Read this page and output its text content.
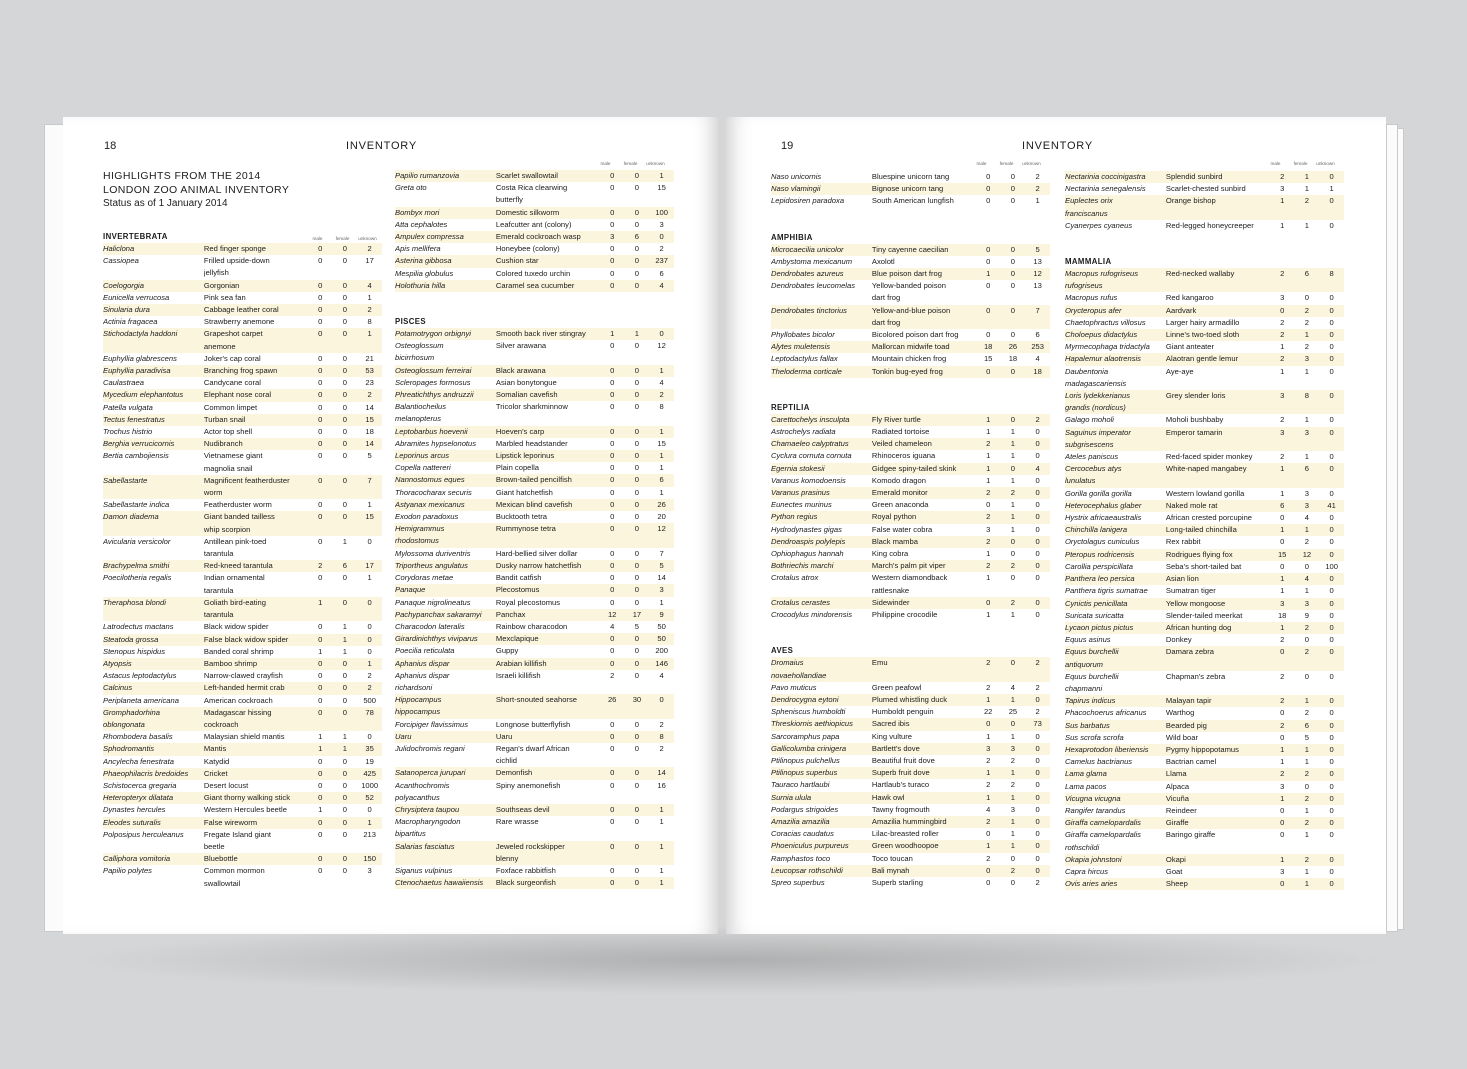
18	INVENTORY
HIGHLIGHTS FROM THE 2014
LONDON ZOO ANIMAL INVENTORY
Status as of 1 January 2014
male	female	unknown
INVERTEBRATA
Haliclona	Red finger sponge	0	0	2
Cassiopea	Frilled upside-down	0	0	17
jellyfish
Coelogorgia	Gorgonian	0	0	4
Eunicella verrucosa	Pink sea fan	0	0	1
Sinularia dura	Cabbage leather coral	0	0	2
Actinia fragacea	Strawberry anemone	0	0	8
Stichodactyla haddoni	Grapeshot carpet	0	0	1
anemone
Euphyllia glabrescens	Joker's cap coral	0	0	21
Euphyllia paradivisa	Branching frog spawn	0	0	53
Caulastraea	Candycane coral	0	0	23
Mycedium elephantotus	Elephant nose coral	0	0	2
Patella vulgata	Common limpet	0	0	14
Tectus fenestratus	Turban snail	0	0	15
Trochus histrio	Actor top shell	0	0	18
Berghia verrucicornis	Nudibranch	0	0	14
Bertia cambojiensis	Vietnamese giant	0	0	5
magnolia snail
Sabellastarte	Magnificent featherduster	0	0	7
worm
Sabellastarte indica	Featherduster worm	0	0	1
Damon diadema	Giant banded tailless	0	0	15
whip scorpion
Avicularia versicolor	Antillean pink-toed	0	1	0
tarantula
Brachypelma smithi	Red-kneed tarantula	2	6	17
Poecilotheria regalis	Indian ornamental	0	0	1
tarantula
Theraphosa blondi	Goliath bird-eating	1	0	0
tarantula
Latrodectus mactans	Black widow spider	0	1	0
Steatoda grossa	False black widow spider	0	1	0
Stenopus hispidus	Banded coral shrimp	1	1	0
Atyopsis	Bamboo shrimp	0	0	1
Astacus leptodactylus	Narrow-clawed crayfish	0	0	2
Calcinus	Left-handed hermit crab	0	0	2
Periplaneta americana	American cockroach	0	0	500
Gromphadorhina	Madagascar hissing	0	0	78
oblongonata	cockroach
Rhombodera basalis	Malaysian shield mantis	1	1	0
Sphodromantis	Mantis	1	1	35
Ancylecha fenestrata	Katydid	0	0	19
Phaeophilacris bredoides	Cricket	0	0	425
Schistocerca gregaria	Desert locust	0	0	1000
Heteropteryx dilatata	Giant thorny walking stick	0	0	52
Dynastes hercules	Western Hercules beetle	1	0	0
Eleodes suturalis	False wireworm	0	0	1
Polposipus herculeanus	Fregate Island giant	0	0	213
beetle
Calliphora vomitoria	Bluebottle	0	0	150
Papilio polytes	Common mormon	0	0	3
swallowtail
male	female	unknown
Papilio rumanzovia	Scarlet swallowtail	0	0	1
Greta oto	Costa Rica clearwing	0	0	15
butterfly
Bombyx mori	Domestic silkworm	0	0	100
Atta cephalotes	Leafcutter ant (colony)	0	0	3
Ampulex compressa	Emerald cockroach wasp	3	6	0
Apis mellifera	Honeybee (colony)	0	0	2
Asterina gibbosa	Cushion star	0	0	237
Mespilia globulus	Colored tuxedo urchin	0	0	6
Holothuria hilla	Caramel sea cucumber	0	0	4
PISCES
Potamotrygon orbignyi	Smooth back river stingray	1	1	0
Osteoglossum	Silver arawana	0	0	12
bicirrhosum
Osteoglossum ferreirai	Black arawana	0	0	1
Scleropages formosus	Asian bonytongue	0	0	4
Phreatichthys andruzzii	Somalian cavefish	0	0	2
Balantiocheilus	Tricolor sharkminnow	0	0	8
melanopterus
Leptobarbus hoevenii	Hoeven's carp	0	0	1
Abramites hypselonotus	Marbled headstander	0	0	15
Leporinus arcus	Lipstick leporinus	0	0	1
Copella nattereri	Plain copella	0	0	1
Nannostomus eques	Brown-tailed pencilfish	0	0	6
Thoracocharax securis	Giant hatchetfish	0	0	1
Astyanax mexicanus	Mexican blind cavefish	0	0	26
Exodon paradoxus	Bucktooth tetra	0	0	20
Hemigrammus	Rummynose tetra	0	0	12
rhodostomus
Mylossoma duriventris	Hard-bellied silver dollar	0	0	7
Triportheus angulatus	Dusky narrow hatchetfish	0	0	5
Corydoras metae	Bandit catfish	0	0	14
Panaque	Plecostomus	0	0	3
Panaque nigrolineatus	Royal plecostomus	0	0	1
Pachypanchax sakaramyi	Panchax	12	17	9
Characodon lateralis	Rainbow characodon	4	5	50
Girardinichthys viviparus	Mexclapique	0	0	50
Poecilia reticulata	Guppy	0	0	200
Aphanius dispar	Arabian killifish	0	0	146
Aphanius dispar	Israeli killifish	2	0	4
richardsoni
Hippocampus	Short-snouted seahorse	26	30	0
hippocampus
Forcipiger flavissimus	Longnose butterflyfish	0	0	2
Uaru	Uaru	0	0	8
Julidochromis regani	Regan's dwarf African	0	0	2
cichlid
Satanoperca jurupari	Demonfish	0	0	14
Acanthochromis	Spiny anemonefish	0	0	16
polyacanthus
Chrysiptera taupou	Southseas devil	0	0	1
Macropharyngodon	Rare wrasse	0	0	1
bipartitus
Salarias fasciatus	Jeweled rockskipper	0	0	1
blenny
Siganus vulpinus	Foxface rabbitfish	0	0	1
Ctenochaetus hawaiiensis	Black surgeonfish	0	0	1
19	INVENTORY
male	female	unknown
Naso unicornis	Bluespine unicorn tang	0	0	2
Naso vlamingii	Bignose unicorn tang	0	0	2
Lepidosiren paradoxa	South American lungfish	0	0	1
AMPHIBIA
Microcaecilia unicolor	Tiny cayenne caecilian	0	0	5
Ambystoma mexicanum	Axolotl	0	0	13
Dendrobates azureus	Blue poison dart frog	1	0	12
Dendrobates leucomelas	Yellow-banded poison	0	0	13
dart frog
Dendrobates tinctorius	Yellow-and-blue poison	0	0	7
dart frog
Phyllobates bicolor	Bicolored poison dart frog	0	0	6
Alytes muletensis	Mallorcan midwife toad	18	26	253
Leptodactylus fallax	Mountain chicken frog	15	18	4
Theloderma corticale	Tonkin bug-eyed frog	0	0	18
REPTILIA
Carettochelys insculpta	Fly River turtle	1	0	2
Astrochelys radiata	Radiated tortoise	1	1	0
Chamaeleo calyptratus	Veiled chameleon	2	1	0
Cyclura cornuta cornuta	Rhinoceros iguana	1	1	0
Egernia stokesii	Gidgee spiny-tailed skink	1	0	4
Varanus komodoensis	Komodo dragon	1	1	0
Varanus prasinus	Emerald monitor	2	2	0
Eunectes murinus	Green anaconda	0	1	0
Python regius	Royal python	2	1	0
Hydrodynastes gigas	False water cobra	3	1	0
Dendroaspis polylepis	Black mamba	2	0	0
Ophiophagus hannah	King cobra	1	0	0
Bothriechis marchi	March's palm pit viper	2	2	0
Crotalus atrox	Western diamondback	1	0	0
rattlesnake
Crotalus cerastes	Sidewinder	0	2	0
Crocodylus mindorensis	Philippine crocodile	1	1	0
AVES
Dromaius	Emu	2	0	2
novaehollandiae
Pavo muticus	Green peafowl	2	4	2
Dendrocygna eytoni	Plumed whistling duck	1	1	0
Spheniscus humboldti	Humboldt penguin	22	25	2
Threskiornis aethiopicus	Sacred ibis	0	0	73
Sarcoramphus papa	King vulture	1	1	0
Gallicolumba crinigera	Bartlett's dove	3	3	0
Ptilinopus pulchellus	Beautiful fruit dove	2	2	0
Ptilinopus superbus	Superb fruit dove	1	1	0
Tauraco hartlaubi	Hartlaub's turaco	2	2	0
Surnia ulula	Hawk owl	1	1	0
Podargus strigoides	Tawny frogmouth	4	3	0
Amazilia amazilia	Amazilia hummingbird	2	1	0
Coracias caudatus	Lilac-breasted roller	0	1	0
Phoeniculus purpureus	Green woodhoopoe	1	1	0
Ramphastos toco	Toco toucan	2	0	0
Leucopsar rothschildi	Bali mynah	0	2	0
Spreo superbus	Superb starling	0	0	2
male	female	unknown
Nectarinia coccinigastra	Splendid sunbird	2	1	0
Nectarinia senegalensis	Scarlet-chested sunbird	3	1	1
Euplectes orix	Orange bishop	1	2	0
franciscanus
Cyanerpes cyaneus	Red-legged honeycreeper	1	1	0
MAMMALIA
Macropus rufogriseus	Red-necked wallaby	2	6	8
rufogriseus
Macropus rufus	Red kangaroo	3	0	0
Orycteropus afer	Aardvark	0	2	0
Chaetophractus villosus	Larger hairy armadillo	2	2	0
Choloepus didactylus	Linne's two-toed sloth	2	1	0
Myrmecophaga tridactyla	Giant anteater	1	2	0
Hapalemur alaotrensis	Alaotran gentle lemur	2	3	0
Daubentonia	Aye-aye	1	1	0
madagascariensis
Loris lydekkerianus	Grey slender loris	3	8	0
grandis (nordicus)
Galago moholi	Moholi bushbaby	2	1	0
Saguinus imperator	Emperor tamarin	3	3	0
subgrisescens
Ateles paniscus	Red-faced spider monkey	2	1	0
Cercocebus atys	White-naped mangabey	1	6	0
lunulatus
Gorilla gorilla gorilla	Western lowland gorilla	1	3	0
Heterocephalus glaber	Naked mole rat	6	3	41
Hystrix africaeaustralis	African crested porcupine	0	4	0
Chinchilla lanigera	Long-tailed chinchilla	1	1	0
Oryctolagus cuniculus	Rex rabbit	0	2	0
Pteropus rodricensis	Rodrigues flying fox	15	12	0
Carollia perspicillata	Seba's short-tailed bat	0	0	100
Panthera leo persica	Asian lion	1	4	0
Panthera tigris sumatrae	Sumatran tiger	1	1	0
Cynictis penicillata	Yellow mongoose	3	3	0
Suricata suricatta	Slender-tailed meerkat	18	9	0
Lycaon pictus pictus	African hunting dog	1	2	0
Equus asinus	Donkey	2	0	0
Equus burchellii	Damara zebra	0	2	0
antiquorum
Equus burchellii	Chapman's zebra	2	0	0
chapmanni
Tapirus indicus	Malayan tapir	2	1	0
Phacochoerus africanus	Warthog	0	2	0
Sus barbatus	Bearded pig	2	6	0
Sus scrofa scrofa	Wild boar	0	5	0
Hexaprotodon liberiensis	Pygmy hippopotamus	1	1	0
Camelus bactrianus	Bactrian camel	1	1	0
Lama glama	Llama	2	2	0
Lama pacos	Alpaca	3	0	0
Vicugna vicugna	Vicuña	1	2	0
Rangifer tarandus	Reindeer	0	1	0
Giraffa camelopardalis	Giraffe	0	2	0
Giraffa camelopardalis	Baringo giraffe	0	1	0
rothschildi
Okapia johnstoni	Okapi	1	2	0
Capra hircus	Goat	3	1	0
Ovis aries aries	Sheep	0	1	0
